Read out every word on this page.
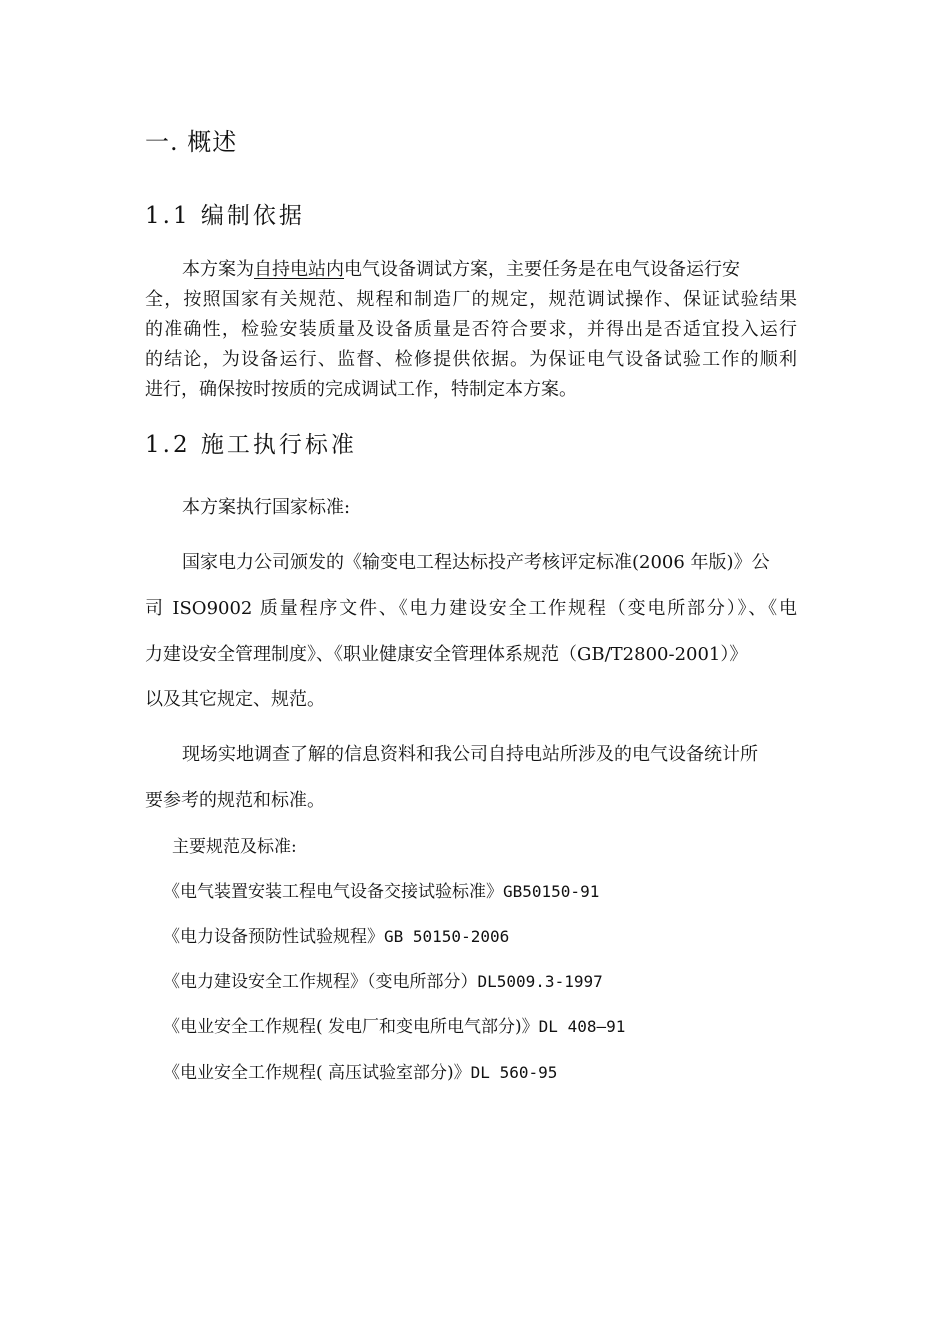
一. 概述
1.1 编制依据
本方案为自持电站内电气设备调试方案，主要任务是在电气设备运行安
全，按照国家有关规范、规程和制造厂的规定，规范调试操作、保证试验结果
的准确性，检验安装质量及设备质量是否符合要求，并得出是否适宜投入运行
的结论，为设备运行、监督、检修提供依据。为保证电气设备试验工作的顺利
进行，确保按时按质的完成调试工作，特制定本方案。
1.2 施工执行标准
本方案执行国家标准:
国家电力公司颁发的《输变电工程达标投产考核评定标准(2006 年版)》公
司 ISO9002 质量程序文件、《电力建设安全工作规程（变电所部分）》、《电
力建设安全管理制度》、《职业健康安全管理体系规范（GB/T2800-2001）》
以及其它规定、规范。
现场实地调查了解的信息资料和我公司自持电站所涉及的电气设备统计所
要参考的规范和标准。
主要规范及标准:
《电气装置安装工程电气设备交接试验标准》GB50150-91
《电力设备预防性试验规程》GB 50150-2006
《电力建设安全工作规程》（变电所部分）DL5009.3-1997
《电业安全工作规程( 发电厂和变电所电气部分)》DL 408—91
《电业安全工作规程( 高压试验室部分)》DL 560-95
